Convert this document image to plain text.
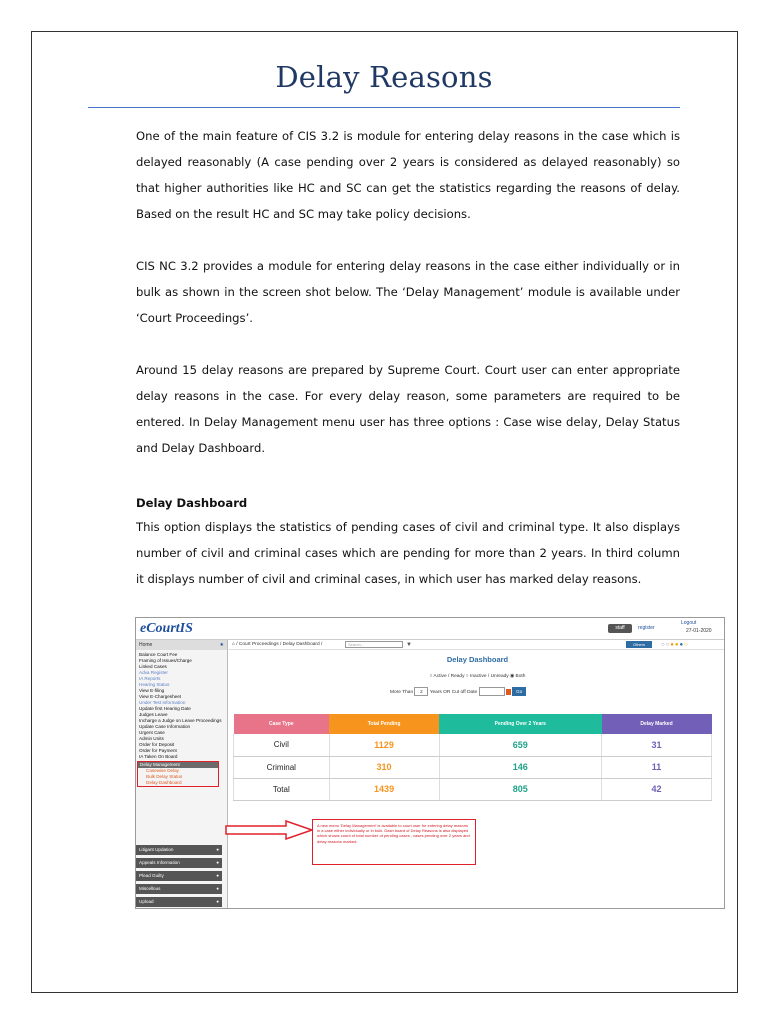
Delay Reasons

One of the main feature of CIS 3.2 is module for entering delay reasons in the case which is delayed reasonably (A case pending over 2 years is considered as delayed reasonably) so that higher authorities like HC and SC can get the statistics regarding the reasons of delay. Based on the result HC and SC may take policy decisions.

CIS NC 3.2 provides a module for entering delay reasons in the case either individually or in bulk as shown in the screen shot below. The ‘Delay Management’ module is available under ‘Court Proceedings’.

Around 15 delay reasons are prepared by Supreme Court. Court user can enter appropriate delay reasons in the case. For every delay reason, some parameters are required to be entered. In Delay Management menu user has three options : Case wise delay, Delay Status and Delay Dashboard.

Delay Dashboard

This option displays the statistics of pending cases of civil and criminal type. It also displays number of civil and criminal cases which are pending for more than 2 years. In third column it displays number of civil and criminal cases, in which user has marked delay reasons.

eCourtIS	staff	register
Logout
27-01-2020
Home	★
Balance Court Fee
Framing of Issues/Charge
Linked Cases
Adva Register
IA Reports
Hearing Status
View E-filing
View E-Chargesheet
Under Test Information
Update first Hearing Date
Judges Leave
Incharge a Judge on Leave Proceedings
Update Case Information
Urgent Case
Admin Units
Order for Deposit
Order for Payment
IA Taken On Board
Delay Management
Casewise Delay
Bulk Delay Status
Delay Dashboard
Litigant Updation	●
Appeals Information	●
Plead Guilty	●
Miscellous	●
Upload	●
⌂ / Court Proceedings / Delay Dashboard /	Search...	▼	Others	○○●●●○
Delay Dashboard
○ Active / Ready ○ Inactive / Unready ◉ Both
More Than 2 Years OR Cut off Date	Go
Case Type	Total Pending	Pending Over 2 Years	Delay Marked
Civil	1129	659	31
Criminal	310	146	11
Total	1439	805	42
A new menu 'Delay Management' is available to court user for entering delay reasons in a case either individually or in bulk. Dash board of Delay Reasons is also displayed which shows count of total number of pending cases , cases pending over 2 years and delay reasons marked.
